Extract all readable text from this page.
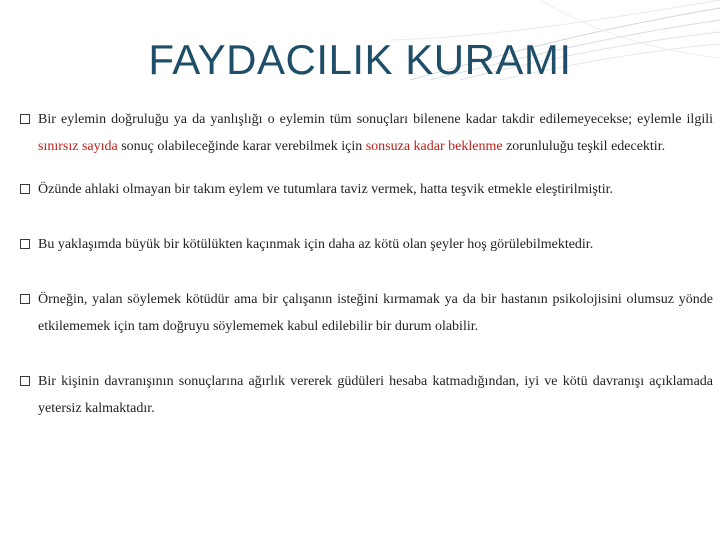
FAYDACILIK KURAMI
Bir eylemin doğruluğu ya da yanlışlığı o eylemin tüm sonuçları bilenene kadar takdir edilemeyecekse; eylemle ilgili sınırsız sayıda sonuç olabileceğinde karar verebilmek için sonsuza kadar beklenme zorunluluğu teşkil edecektir.
Özünde ahlaki olmayan bir takım eylem ve tutumlara taviz vermek, hatta teşvik etmekle eleştirilmiştir.
Bu yaklaşımda büyük bir kötülükten kaçınmak için daha az kötü olan şeyler hoş görülebilmektedir.
Örneğin, yalan söylemek kötüdür ama bir çalışanın isteğini kırmamak ya da bir hastanın psikolojisini olumsuz yönde etkilememek için tam doğruyu söylememek kabul edilebilir bir durum olabilir.
Bir kişinin davranışının sonuçlarına ağırlık vererek güdüleri hesaba katmadığından, iyi ve kötü davranışı açıklamada yetersiz kalmaktadır.
